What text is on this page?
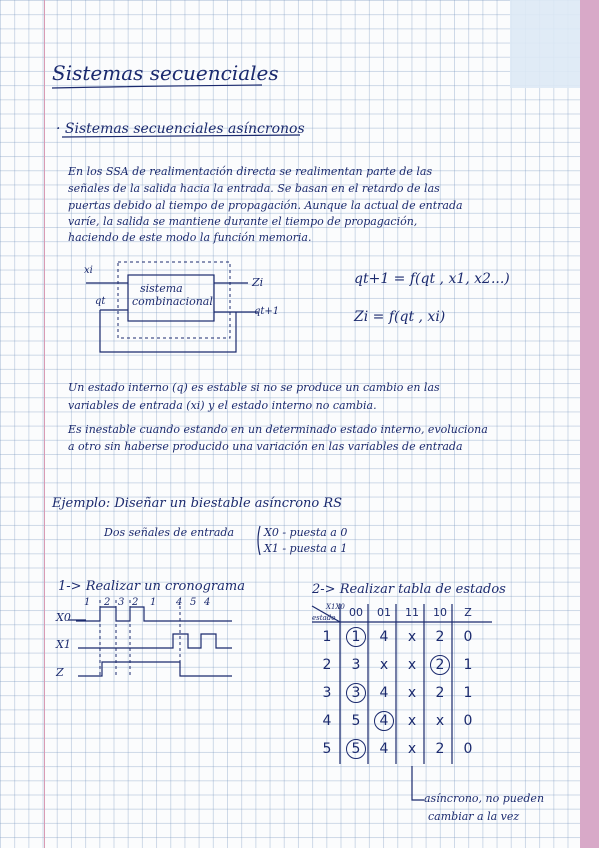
Sistemas secuenciales
· Sistemas secuenciales asíncronos
En los SSA de realimentación directa se realimentan parte de las
señales de la salida hacia la entrada. Se basan en el retardo de las
puertas debido al tiempo de propagación. Aunque la actual de entrada
varíe, la salida se mantiene durante el tiempo de propagación,
haciendo de este modo la función memoria.
sistema
combinacional
xi
qt
Zi
qt+1
qt+1 = f(qt , x1, x2...)
Zi = f(qt , xi)
Un estado interno (q) es estable si no se produce un cambio en las
variables de entrada (xi) y el estado interno no cambia.
Es inestable cuando estando en un determinado estado interno, evoluciona
a otro sin haberse producido una variación en las variables de entrada
Ejemplo: Diseñar un biestable asíncrono RS
Dos señales de entrada	X0 - puesta a 0
X1 - puesta a 1
1-> Realizar un cronograma	2-> Realizar tabla de estados
1 2 3 2 1 4 5 4
X0
X1
Z
X1X0
estado	00	01	11	10	Z
1	1	4	x	2	0
2	3	x	x	2	1
3	3	4	x	2	1
4	5	4	x	x	0
5	5	4	x	2	0
asíncrono, no pueden
cambiar a la vez
